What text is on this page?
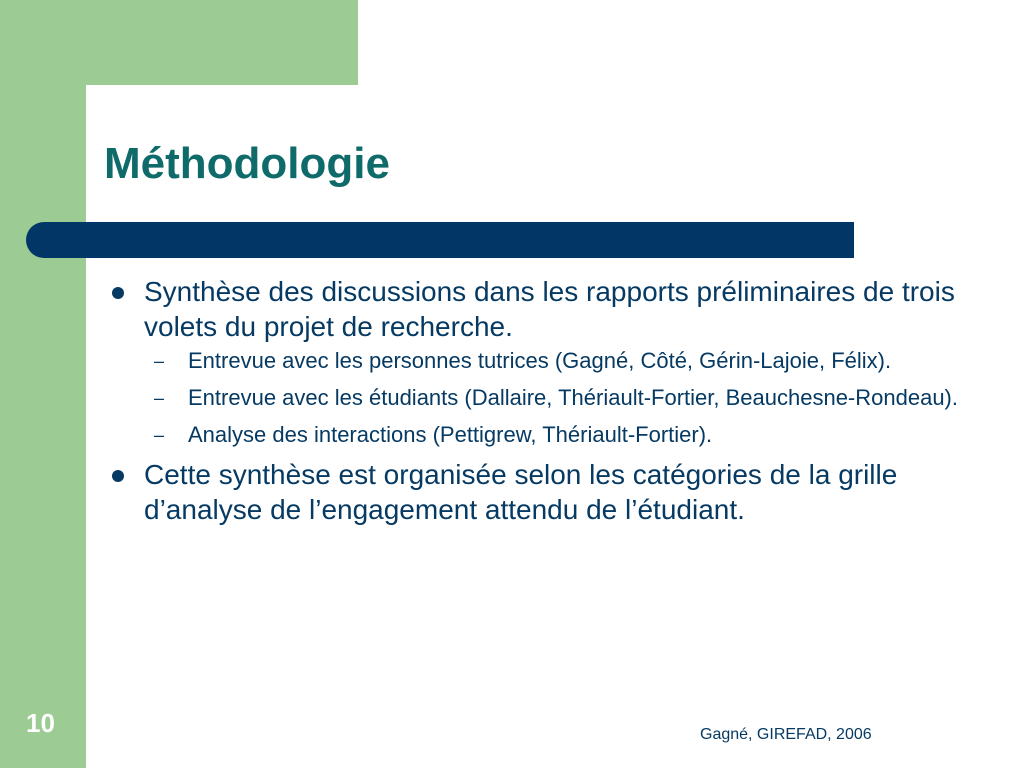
Méthodologie
Synthèse des discussions dans les rapports préliminaires de trois volets du projet de recherche.
– Entrevue avec les personnes tutrices (Gagné, Côté, Gérin-Lajoie, Félix).
– Entrevue avec les étudiants (Dallaire, Thériault-Fortier, Beauchesne-Rondeau).
– Analyse des interactions (Pettigrew, Thériault-Fortier).
Cette synthèse est organisée selon les catégories de la grille d’analyse de l’engagement attendu de l’étudiant.
10	Gagné, GIREFAD, 2006
